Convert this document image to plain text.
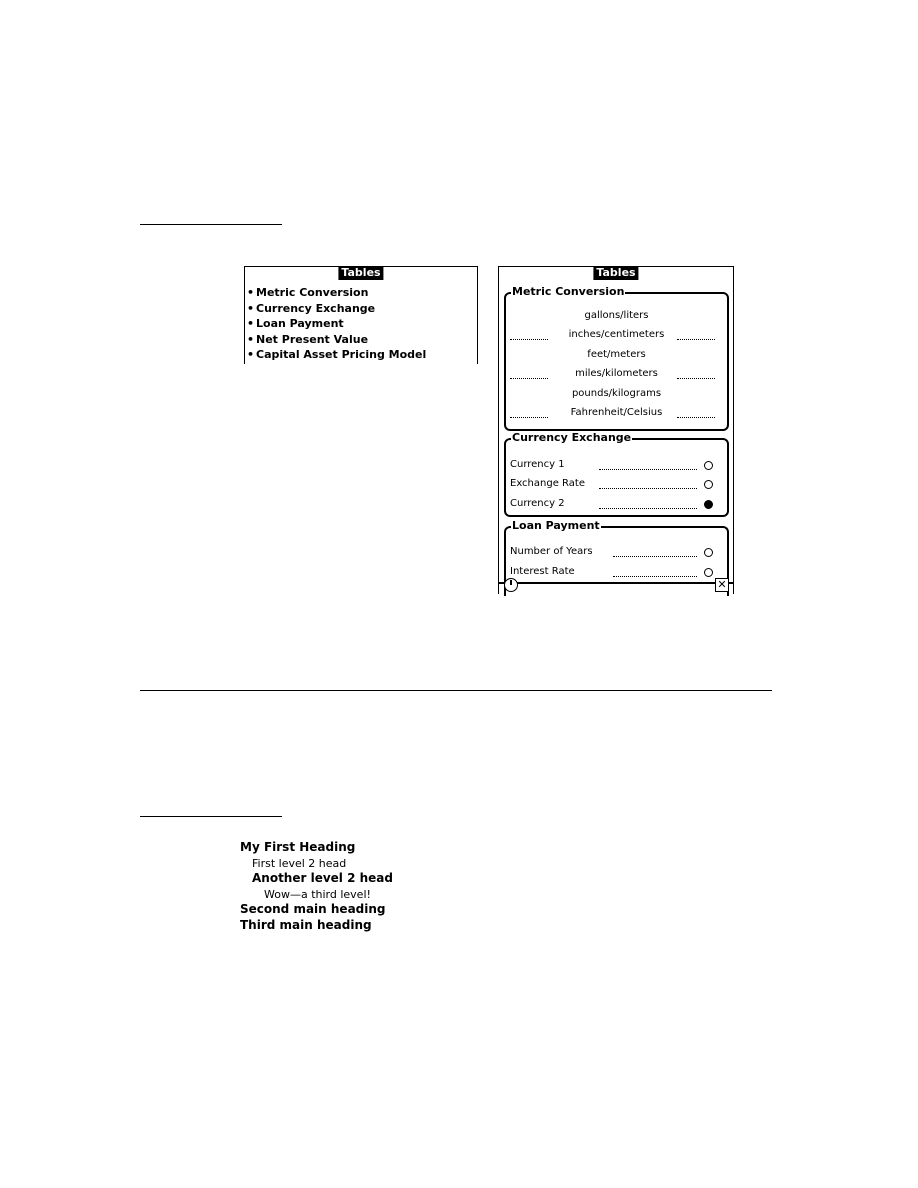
Tables
• Metric Conversion
• Currency Exchange
• Loan Payment
• Net Present Value
• Capital Asset Pricing Model
Tables
Metric Conversion
gallons/liters
inches/centimeters
feet/meters
miles/kilometers
pounds/kilograms
Fahrenheit/Celsius
Currency Exchange
Currency 1
Exchange Rate
Currency 2
Loan Payment
Number of Years
Interest Rate
✕
My First Heading
First level 2 head
Another level 2 head
Wow—a third level!
Second main heading
Third main heading
